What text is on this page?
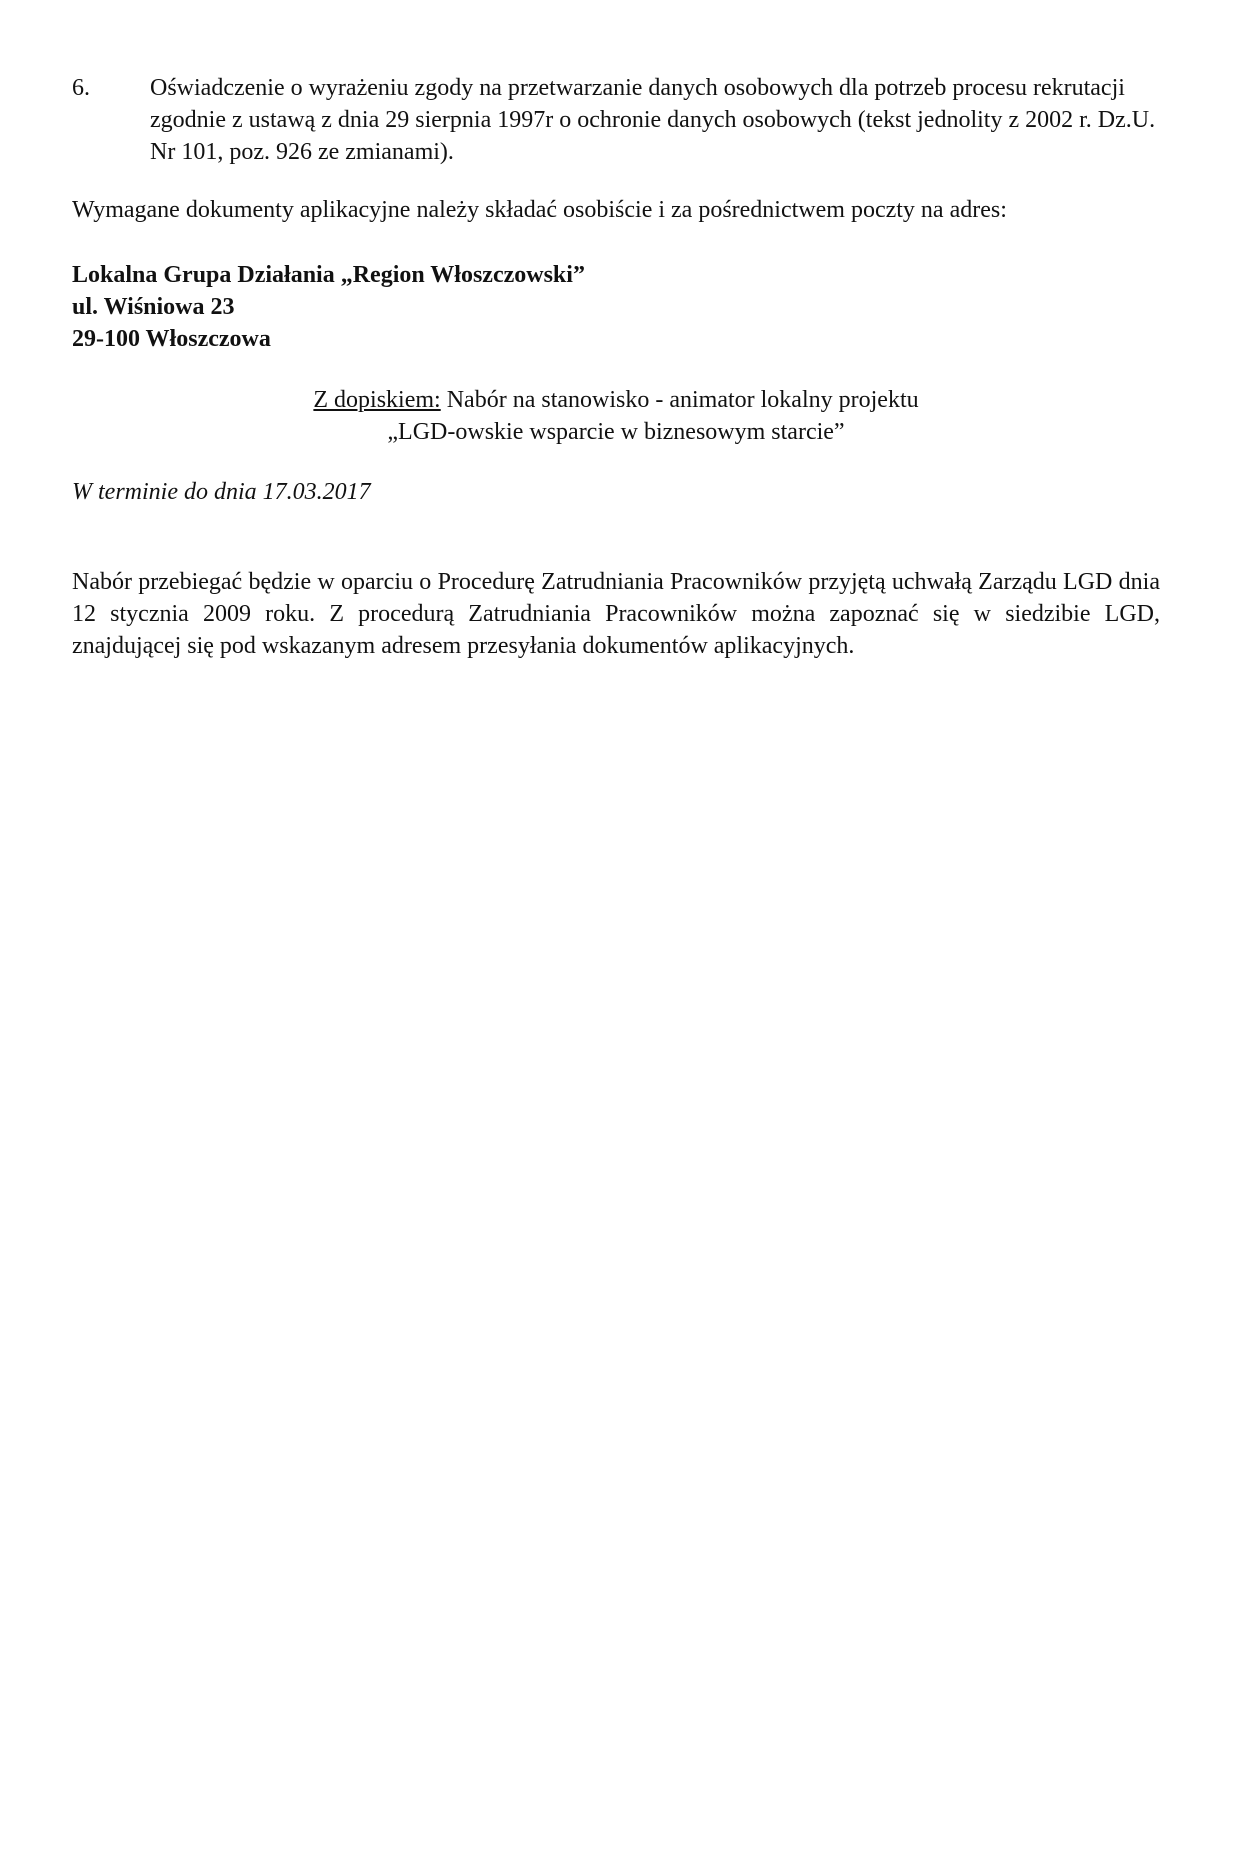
6.	Oświadczenie o wyrażeniu zgody na przetwarzanie danych osobowych dla potrzeb procesu rekrutacji zgodnie z ustawą z dnia 29 sierpnia 1997r o ochronie danych osobowych (tekst jednolity z 2002 r. Dz.U. Nr 101, poz. 926 ze zmianami).

Wymagane dokumenty aplikacyjne należy składać osobiście i za pośrednictwem poczty na adres:

Lokalna Grupa Działania „Region Włoszczowski”
ul. Wiśniowa 23
29-100 Włoszczowa
Z dopiskiem: Nabór na stanowisko - animator lokalny projektu
„LGD-owskie wsparcie w biznesowym starcie”

W terminie do dnia 17.03.2017

Nabór przebiegać będzie w oparciu o Procedurę Zatrudniania Pracowników przyjętą uchwałą Zarządu LGD dnia 12 stycznia 2009 roku. Z procedurą Zatrudniania Pracowników można zapoznać się w siedzibie LGD, znajdującej się pod wskazanym adresem przesyłania dokumentów aplikacyjnych.
